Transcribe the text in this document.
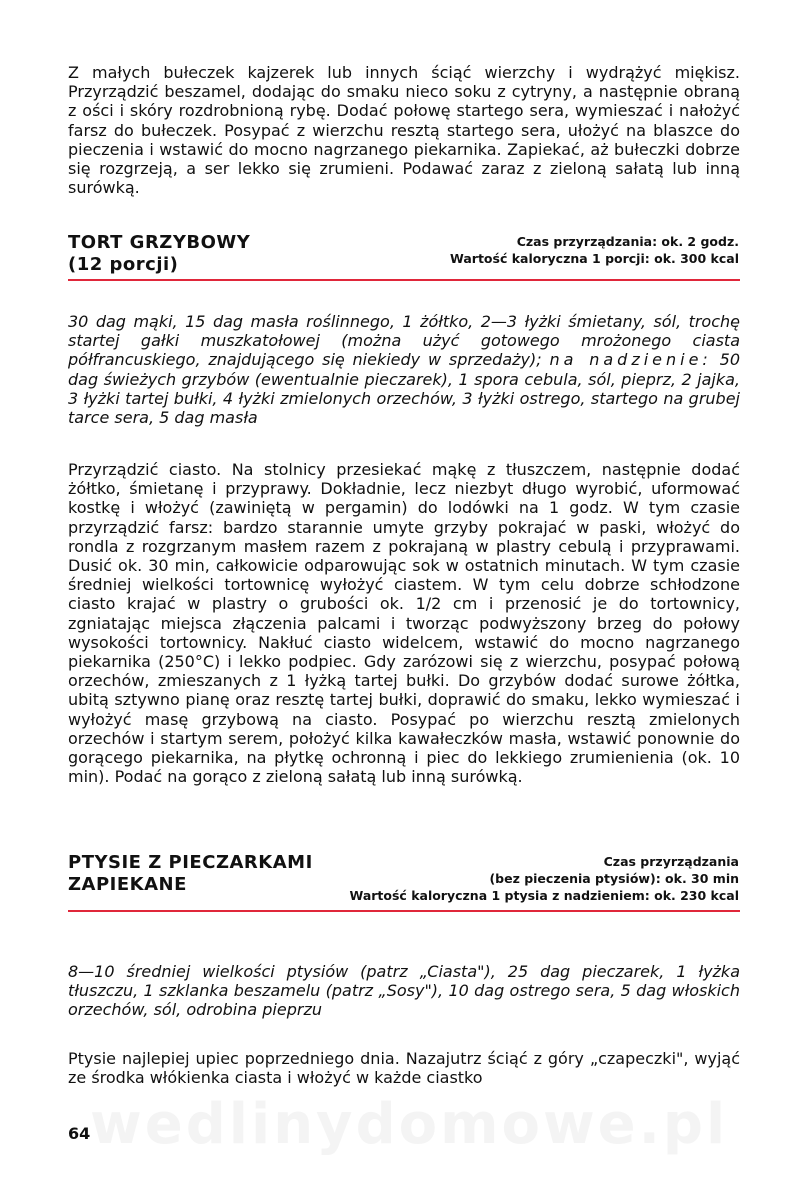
wedlinydomowe.pl

Z małych bułeczek kajzerek lub innych ściąć wierzchy i wydrążyć miękisz. Przyrządzić beszamel, dodając do smaku nieco soku z cytryny, a następnie obraną z ości i skóry rozdrobnioną rybę. Dodać połowę startego sera, wymieszać i nałożyć farsz do bułeczek. Posypać z wierzchu resztą startego sera, ułożyć na blaszce do pieczenia i wstawić do mocno nagrzanego piekarnika. Zapiekać, aż bułeczki dobrze się rozgrzeją, a ser lekko się zrumieni. Podawać zaraz z zieloną sałatą lub inną surówką.

TORT GRZYBOWY
(12 porcji)
Czas przyrządzania: ok. 2 godz.
Wartość kaloryczna 1 porcji: ok. 300 kcal

30 dag mąki, 15 dag masła roślinnego, 1 żółtko, 2—3 łyżki śmietany, sól, trochę startej gałki muszkatołowej (można użyć gotowego mrożonego ciasta półfrancuskiego, znajdującego się niekiedy w sprzedaży); na nadzienie: 50 dag świeżych grzybów (ewentualnie pieczarek), 1 spora cebula, sól, pieprz, 2 jajka, 3 łyżki tartej bułki, 4 łyżki zmielonych orzechów, 3 łyżki ostrego, startego na grubej tarce sera, 5 dag masła

Przyrządzić ciasto. Na stolnicy przesiekać mąkę z tłuszczem, następnie dodać żółtko, śmietanę i przyprawy. Dokładnie, lecz niezbyt długo wyrobić, uformować kostkę i włożyć (zawiniętą w pergamin) do lodówki na 1 godz. W tym czasie przyrządzić farsz: bardzo starannie umyte grzyby pokrajać w paski, włożyć do rondla z rozgrzanym masłem razem z pokrajaną w plastry cebulą i przyprawami. Dusić ok. 30 min, całkowicie odparowując sok w ostatnich minutach. W tym czasie średniej wielkości tortownicę wyłożyć ciastem. W tym celu dobrze schłodzone ciasto krajać w plastry o grubości ok. 1/2 cm i przenosić je do tortownicy, zgniatając miejsca złączenia palcami i tworząc podwyższony brzeg do połowy wysokości tortownicy. Nakłuć ciasto widelcem, wstawić do mocno nagrzanego piekarnika (250°C) i lekko podpiec. Gdy zarózowi się z wierzchu, posypać połową orzechów, zmieszanych z 1 łyżką tartej bułki. Do grzybów dodać surowe żółtka, ubitą sztywno pianę oraz resztę tartej bułki, doprawić do smaku, lekko wymieszać i wyłożyć masę grzybową na ciasto. Posypać po wierzchu resztą zmielonych orzechów i startym serem, położyć kilka kawałeczków masła, wstawić ponownie do gorącego piekarnika, na płytkę ochronną i piec do lekkiego zrumienienia (ok. 10 min). Podać na gorąco z zieloną sałatą lub inną surówką.

PTYSIE Z PIECZARKAMI
ZAPIEKANE
Czas przyrządzania
(bez pieczenia ptysiów): ok. 30 min
Wartość kaloryczna 1 ptysia z nadzieniem: ok. 230 kcal

8—10 średniej wielkości ptysiów (patrz „Ciasta"), 25 dag pieczarek, 1 łyżka tłuszczu, 1 szklanka beszamelu (patrz „Sosy"), 10 dag ostrego sera, 5 dag włoskich orzechów, sól, odrobina pieprzu

Ptysie najlepiej upiec poprzedniego dnia. Nazajutrz ściąć z góry „czapeczki", wyjąć ze środka włókienka ciasta i włożyć w każde ciastko

64
